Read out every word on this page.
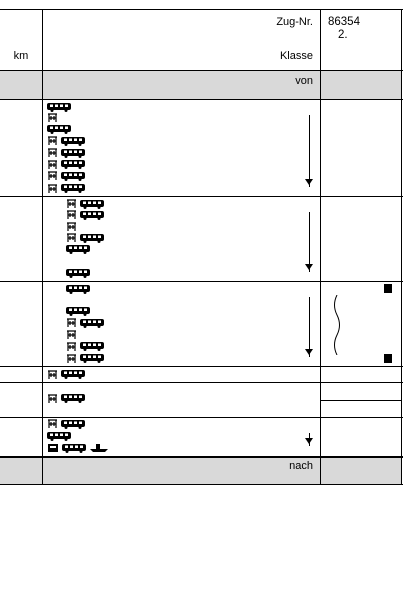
km
Zug-Nr.
Klasse
86354
2.
von
nach
